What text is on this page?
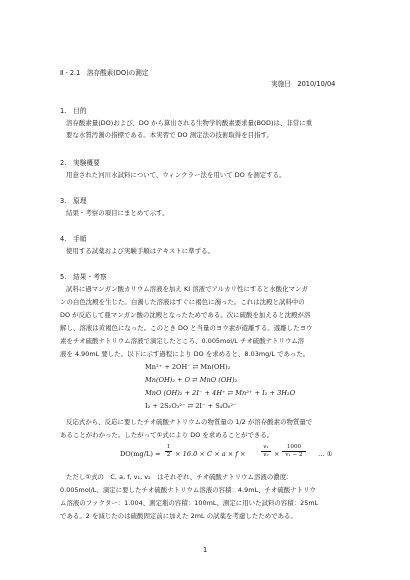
Ⅱ - 2.1　溶存酸素(DO)の測定
実施日　2010/10/04
1.　目的
溶存酸素量(DO)および、DO から算出される生物学的酸素要求量(BOD)は、非常に重
要な水質汚濁の指標である。本実習で DO 測定法の技術取得を目指す。
2.　実験概要
用意された河川水試料について、ウィンクラー法を用いて DO を測定する。
3.　原理
結果・考察の項目にまとめて示す。
4.　手順
使用する試薬および実験手順はテキストに準ずる。
5.　結果・考察
試料に過マンガン酸カリウム溶液を加え KI 溶液でアルカリ性にすると水酸化マンガ
ンの白色沈殿を生じた。白濁した溶液はすぐに褐色に濁った。これは沈殿と試料中の
DO が反応して亜マンガン酸の沈殿となったためである。次に硫酸を加えると沈殿が溶
解し、溶液は黄褐色になった。このとき DO と当量のヨウ素が遊離する。遊離したヨウ
素をチオ硫酸ナトリウム溶液で滴定したところ、0.005mol/L チオ硫酸ナトリウム溶
液を 4.90mL 要した。以下に示す過程により DO を求めると、8.03mg/L であった。
Mn²⁺ + 2OH⁻ ⇄ Mn(OH)₂
Mn(OH)₂ + O ⇄ MnO (OH)₂
MnO (OH)₂ + 2I⁻ + 4H⁺ ⇄ Mn²⁺ + I₂ + 3H₂O
I₂ + 2S₂O₃²⁻ ⇄ 2I⁻ + S₄O₆²⁻
反応式から、反応に要したチオ硫酸ナトリウムの物質量の 1/2 が溶存酸素の物質量で
あることがわかった。したがって①式により DO を求めることができる。
DO(mg/L) =
1
2 × 16.0 × C × a × f ×
v₁
v₂ ×
1000
v₁ − 2	… ①
ただし①式の　C, a, f, v₁, v₂　はそれぞれ、チオ硫酸ナトリウム溶液の濃度：
0.005mol/L、滴定に要したチオ硫酸ナトリウム溶液の容積：4.9mL、チオ硫酸ナトリウ
ム溶液のファクター：1.004、測定瓶の容積：100mL、測定に用いた試料の容積：25mL
である。2 を減じたのは硫酸固定前に加えた 2mL の試薬を考慮したためである。
1
